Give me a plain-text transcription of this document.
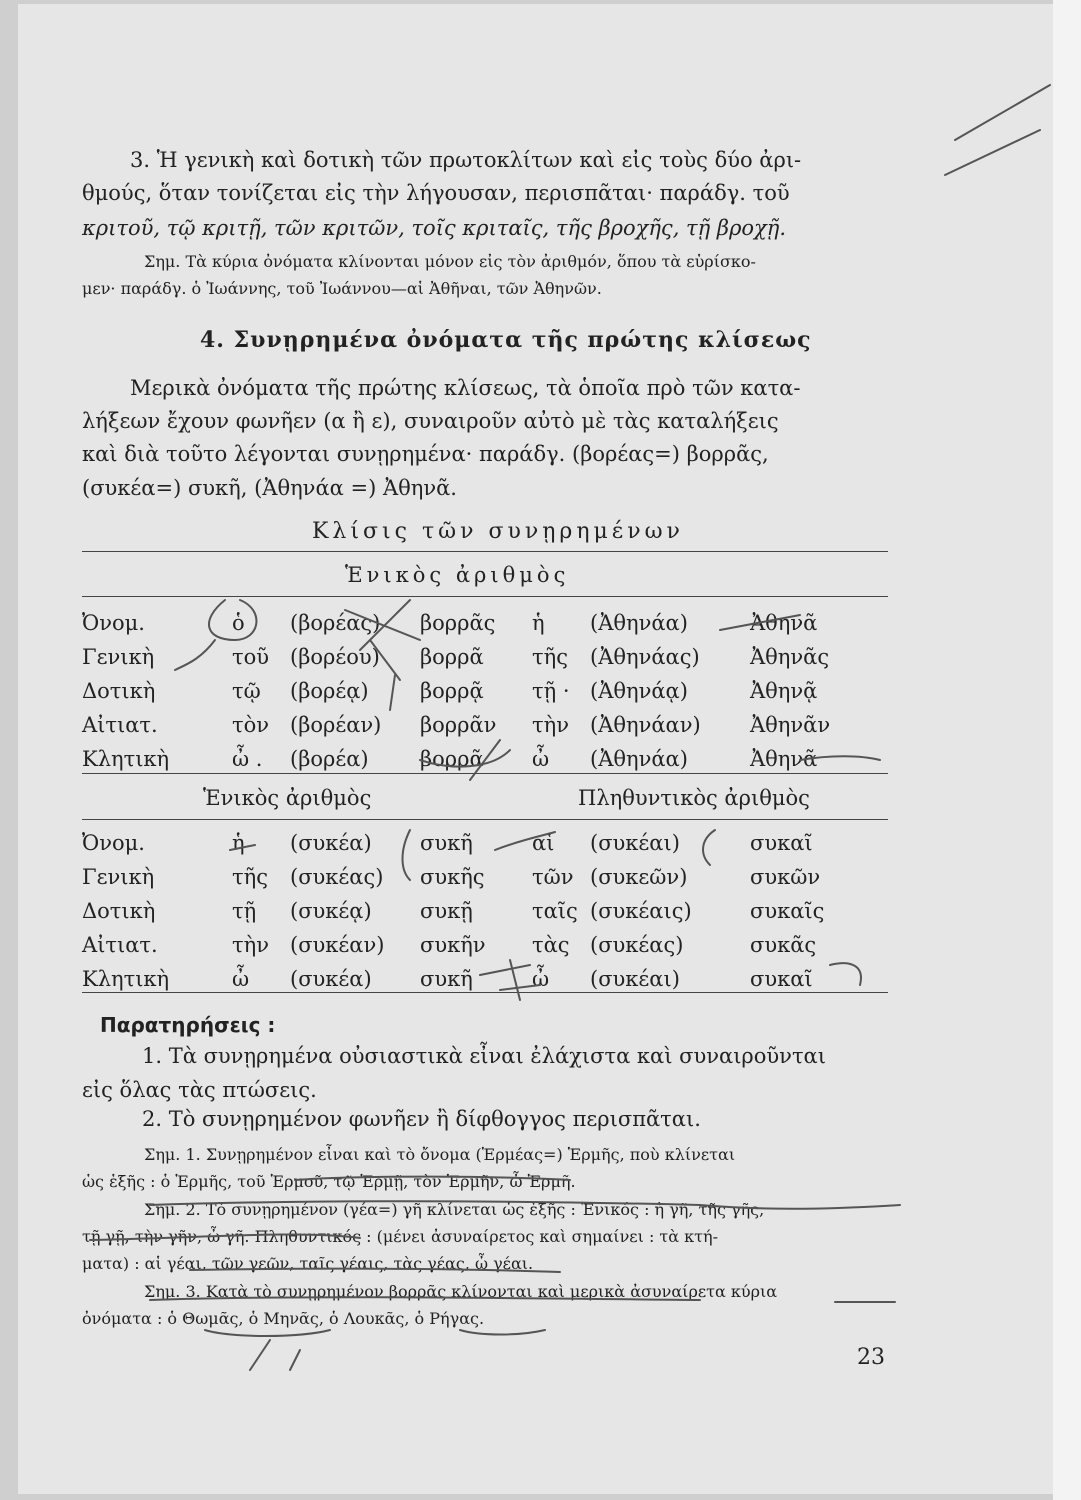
3. Ἡ γενικὴ καὶ δοτικὴ τῶν πρωτοκλίτων καὶ εἰς τοὺς δύο ἀρι-
θμούς, ὅταν τονίζεται εἰς τὴν λήγουσαν, περισπᾶται· παράδγ. τοῦ
κριτοῦ, τῷ κριτῇ, τῶν κριτῶν, τοῖς κριταῖς, τῆς βροχῆς, τῇ βροχῇ.
Σημ. Τὰ κύρια ὀνόματα κλίνονται μόνον εἰς τὸν ἀριθμόν, ὅπου τὰ εὑρίσκο-
μεν· παράδγ. ὁ Ἰωάννης, τοῦ Ἰωάννου—αἱ Ἀθῆναι, τῶν Ἀθηνῶν.
4. Συνῃρημένα ὀνόματα τῆς πρώτης κλίσεως
Μερικὰ ὀνόματα τῆς πρώτης κλίσεως, τὰ ὁποῖα πρὸ τῶν κατα-
λήξεων ἔχουν φωνῆεν (α ἢ ε), συναιροῦν αὐτὸ μὲ τὰς καταλήξεις
καὶ διὰ τοῦτο λέγονται συνῃρημένα· παράδγ. (βορέας=) βορρᾶς,
(συκέα=) συκῆ, (Ἀθηνάα =) Ἀθηνᾶ.
Κλίσις τῶν συνῃρημένων
Ἑνικὸς ἀριθμὸς
Ὀνομ.	ὁ	(βορέας)	βορρᾶς	ἡ	(Ἀθηνάα)	Ἀθηνᾶ
Γενικὴ	τοῦ	(βορέου)	βορρᾶ	τῆς	(Ἀθηνάας)	Ἀθηνᾶς
Δοτικὴ	τῷ	(βορέᾳ)	βορρᾷ	τῇ ·	(Ἀθηνάᾳ)	Ἀθηνᾷ
Αἰτιατ.	τὸν	(βορέαν)	βορρᾶν	τὴν	(Ἀθηνάαν)	Ἀθηνᾶν
Κλητικὴ	ὦ .	(βορέα)	βορρᾶ	ὦ	(Ἀθηνάα)	Ἀθηνᾶ
Ἑνικὸς ἀριθμὸς	Πληθυντικὸς ἀριθμὸς
Ὀνομ.	ἡ	(συκέα)	συκῆ	αἱ	(συκέαι)	συκαῖ
Γενικὴ	τῆς	(συκέας)	συκῆς	τῶν	(συκεῶν)	συκῶν
Δοτικὴ	τῇ	(συκέᾳ)	συκῇ	ταῖς	(συκέαις)	συκαῖς
Αἰτιατ.	τὴν	(συκέαν)	συκῆν	τὰς	(συκέας)	συκᾶς
Κλητικὴ	ὦ	(συκέα)	συκῆ	ὦ	(συκέαι)	συκαῖ
Παρατηρήσεις :
1. Τὰ συνῃρημένα οὐσιαστικὰ εἶναι ἐλάχιστα καὶ συναιροῦνται
εἰς ὅλας τὰς πτώσεις.
2. Τὸ συνῃρημένον φωνῆεν ἢ δίφθογγος περισπᾶται.
Σημ. 1. Συνῃρημένον εἶναι καὶ τὸ ὄνομα (Ἑρμέας=) Ἑρμῆς, ποὺ κλίνεται
ὡς ἑξῆς : ὁ Ἑρμῆς, τοῦ Ἑρμοῦ, τῷ Ἑρμῇ, τὸν Ἑρμῆν, ὦ Ἑρμῆ.
Σημ. 2. Τὸ συνῃρημένον (γέα=) γῆ κλίνεται ὡς ἑξῆς : Ἑνικός : ἡ γῆ, τῆς γῆς,
τῇ γῇ, τὴν γῆν, ὦ γῆ. Πληθυντικός : (μένει ἀσυναίρετος καὶ σημαίνει : τὰ κτή-
ματα) : αἱ γέαι, τῶν γεῶν, ταῖς γέαις, τὰς γέας, ὦ γέαι.
Σημ. 3. Κατὰ τὸ συνῃρημένον βορρᾶς κλίνονται καὶ μερικὰ ἀσυναίρετα κύρια
ὀνόματα : ὁ Θωμᾶς, ὁ Μηνᾶς, ὁ Λουκᾶς, ὁ Ρήγας.
23
